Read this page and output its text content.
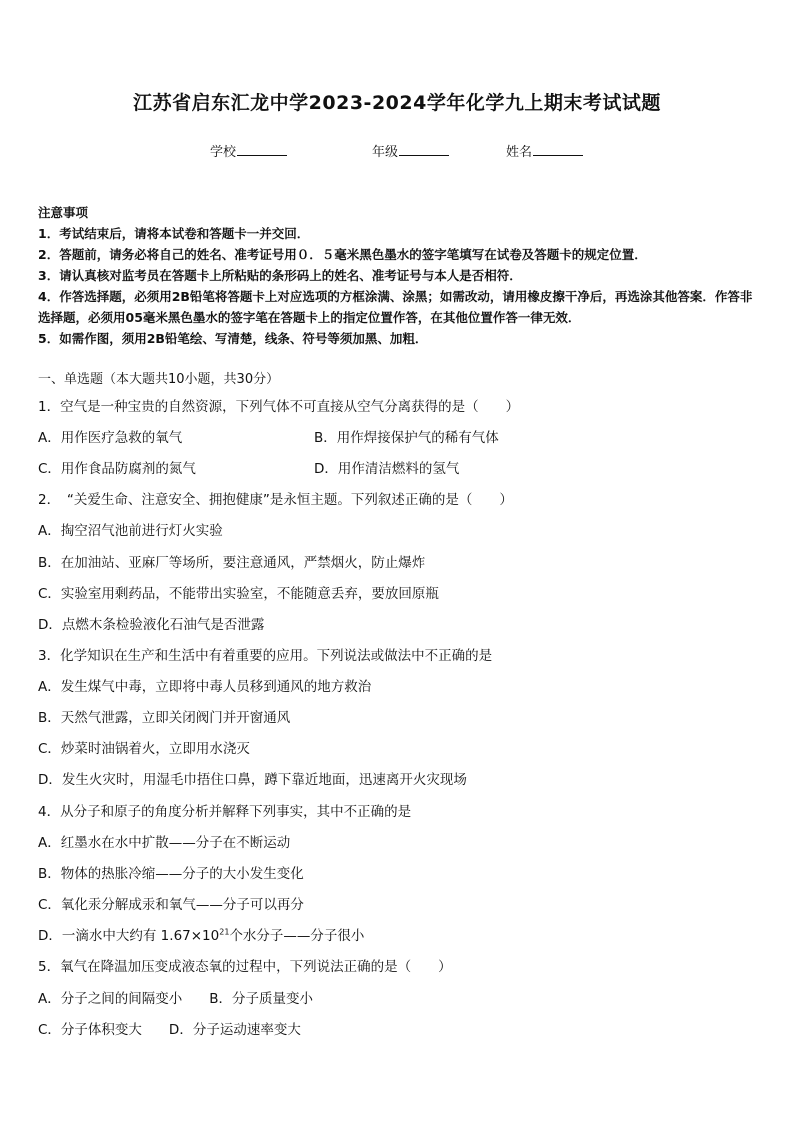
江苏省启东汇龙中学2023-2024学年化学九上期末考试试题
学校	年级	姓名
注意事项
1．考试结束后，请将本试卷和答题卡一并交回．
2．答题前，请务必将自己的姓名、准考证号用０．５毫米黑色墨水的签字笔填写在试卷及答题卡的规定位置．
3．请认真核对监考员在答题卡上所粘贴的条形码上的姓名、准考证号与本人是否相符．
4．作答选择题，必须用2B铅笔将答题卡上对应选项的方框涂满、涂黑；如需改动，请用橡皮擦干净后，再选涂其他答案．作答非选择题，必须用05毫米黑色墨水的签字笔在答题卡上的指定位置作答，在其他位置作答一律无效．
5．如需作图，须用2B铅笔绘、写清楚，线条、符号等须加黑、加粗．
一、单选题（本大题共10小题，共30分）
1．空气是一种宝贵的自然资源，下列气体不可直接从空气分离获得的是（　　）
A．用作医疗急救的氧气	B．用作焊接保护气的稀有气体
C．用作食品防腐剂的氮气	D．用作清洁燃料的氢气
2．　“关爱生命、注意安全、拥抱健康”是永恒主题。下列叙述正确的是（　　）
A．掏空沼气池前进行灯火实验
B．在加油站、亚麻厂等场所，要注意通风，严禁烟火，防止爆炸
C．实验室用剩药品，不能带出实验室，不能随意丢弃，要放回原瓶
D．点燃木条检验液化石油气是否泄露
3．化学知识在生产和生活中有着重要的应用。下列说法或做法中不正确的是
A．发生煤气中毒，立即将中毒人员移到通风的地方救治
B．天然气泄露，立即关闭阀门并开窗通风
C．炒菜时油锅着火，立即用水浇灭
D．发生火灾时，用湿毛巾捂住口鼻，蹲下靠近地面，迅速离开火灾现场
4．从分子和原子的角度分析并解释下列事实，其中不正确的是
A．红墨水在水中扩散——分子在不断运动
B．物体的热胀冷缩——分子的大小发生变化
C．氧化汞分解成汞和氧气——分子可以再分
D．一滴水中大约有 $1.67\times 10^{21}$个水分子——分子很小
5．氧气在降温加压变成液态氧的过程中，下列说法正确的是（　　）
A．分子之间的间隔变小　　B．分子质量变小
C．分子体积变大　　D．分子运动速率变大
